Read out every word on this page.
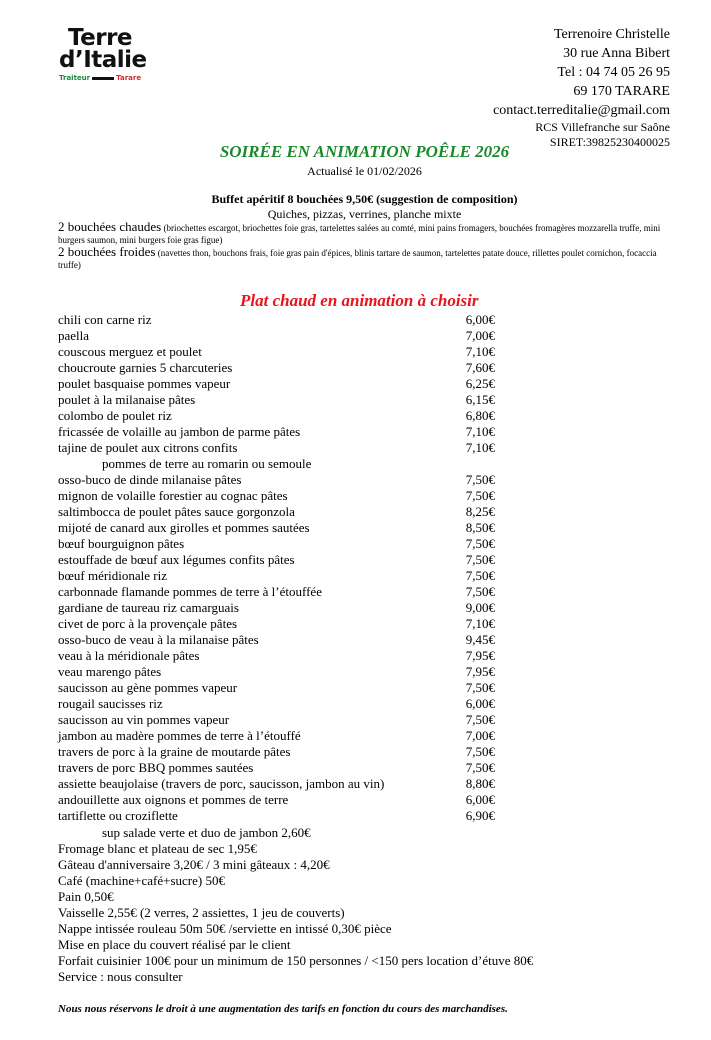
Terre
d’Italie
Traiteur	Tarare
Terrenoire Christelle
30 rue Anna Bibert
Tel : 04 74 05 26 95
69 170 TARARE
contact.terreditalie@gmail.com
RCS Villefranche sur Saône
SIRET:39825230400025
SOIRÉE EN ANIMATION POÊLE 2026
Actualisé le 01/02/2026
Buffet apéritif 8 bouchées 9,50€ (suggestion de composition)
Quiches, pizzas, verrines, planche mixte
2 bouchées chaudes (briochettes escargot, briochettes foie gras, tartelettes salées au comté, mini pains fromagers, bouchées fromagères mozzarella truffe, mini burgers saumon, mini burgers foie gras figue)
2 bouchées froides (navettes thon, bouchons frais, foie gras pain d'épices, blinis tartare de saumon, tartelettes patate douce, rillettes poulet cornichon, focaccia truffe)
Plat chaud en animation à choisir
chili con carne riz	6,00€
paella	7,00€
couscous merguez et poulet	7,10€
choucroute garnies 5 charcuteries	7,60€
poulet basquaise pommes vapeur	6,25€
poulet à la milanaise pâtes	6,15€
colombo de poulet riz	6,80€
fricassée de volaille au jambon de parme pâtes	7,10€
tajine de poulet aux citrons confits	7,10€
pommes de terre au romarin ou semoule
osso-buco de dinde milanaise pâtes	7,50€
mignon de volaille forestier au cognac pâtes	7,50€
saltimbocca de poulet pâtes sauce gorgonzola	8,25€
mijoté de canard aux girolles et pommes sautées	8,50€
bœuf bourguignon pâtes	7,50€
estouffade de bœuf aux légumes confits pâtes	7,50€
bœuf méridionale riz	7,50€
carbonnade flamande pommes de terre à l’étouffée	7,50€
gardiane de taureau riz camarguais	9,00€
civet de porc à la provençale pâtes	7,10€
osso-buco de veau à la milanaise pâtes	9,45€
veau à la méridionale pâtes	7,95€
veau marengo pâtes	7,95€
saucisson au gène pommes vapeur	7,50€
rougail saucisses riz	6,00€
saucisson au vin pommes vapeur	7,50€
jambon au madère pommes de terre à l’étouffé	7,00€
travers de porc à la graine de moutarde pâtes	7,50€
travers de porc BBQ pommes sautées	7,50€
assiette beaujolaise (travers de porc, saucisson, jambon au vin)	8,80€
andouillette aux oignons et pommes de terre	6,00€
tartiflette ou croziflette	6,90€
sup salade verte et duo de jambon 2,60€
Fromage blanc et plateau de sec 1,95€
Gâteau d'anniversaire 3,20€ / 3 mini gâteaux : 4,20€
Café (machine+café+sucre) 50€
Pain 0,50€
Vaisselle 2,55€ (2 verres, 2 assiettes, 1 jeu de couverts)
Nappe intissée rouleau 50m 50€ /serviette en intissé 0,30€ pièce
Mise en place du couvert réalisé par le client
Forfait cuisinier 100€ pour un minimum de 150 personnes / <150 pers location d’étuve 80€
Service : nous consulter
Nous nous réservons le droit à une augmentation des tarifs en fonction du cours des marchandises.
